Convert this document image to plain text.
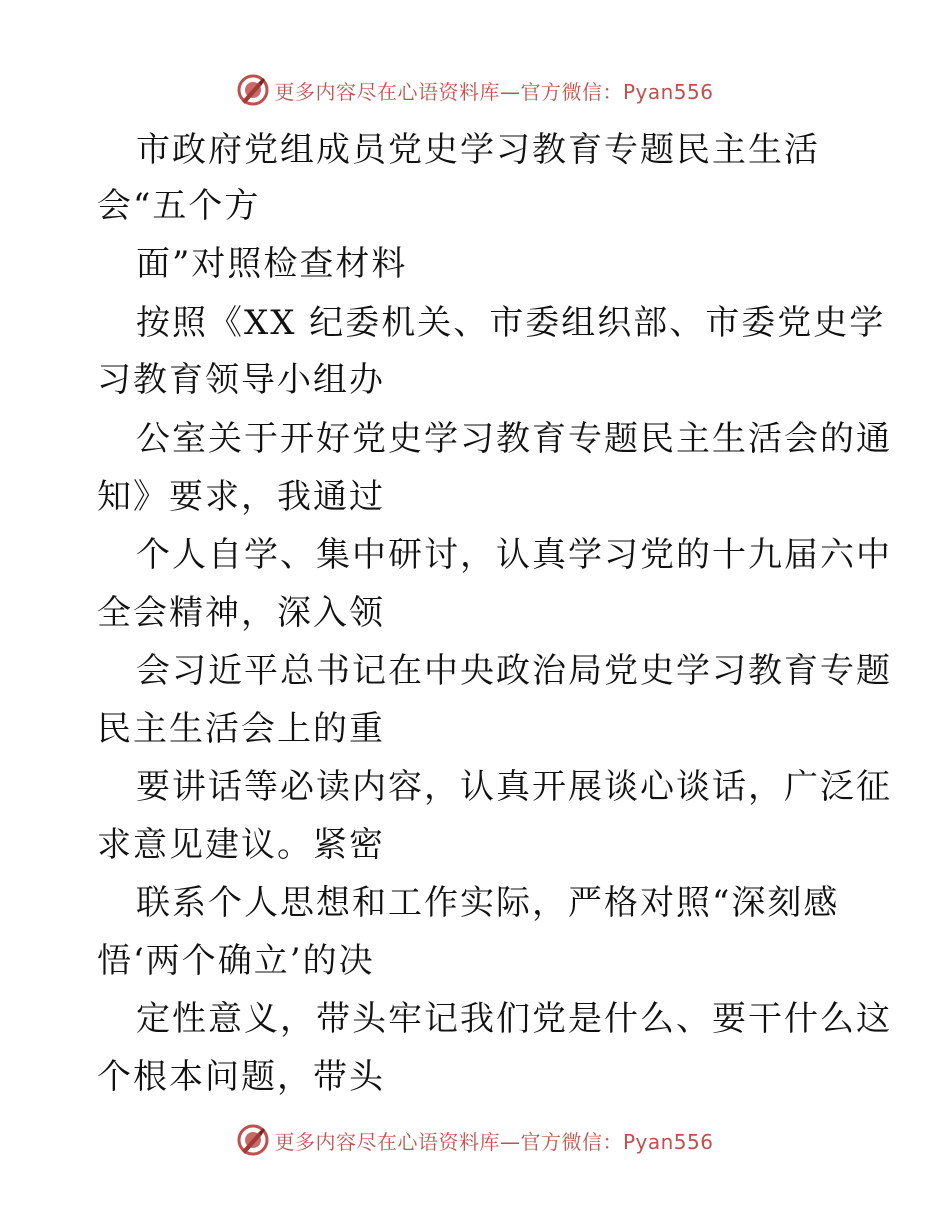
更多内容尽在心语资料库—官方微信：Pyan556
市政府党组成员党史学习教育专题民主生活
会“五个方
面”对照检查材料
按照《XX 纪委机关、市委组织部、市委党史学
习教育领导小组办
公室关于开好党史学习教育专题民主生活会的通
知》要求，我通过
个人自学、集中研讨，认真学习党的十九届六中
全会精神，深入领
会习近平总书记在中央政治局党史学习教育专题
民主生活会上的重
要讲话等必读内容，认真开展谈心谈话，广泛征
求意见建议。紧密
联系个人思想和工作实际，严格对照“深刻感
悟‘两个确立’的决
定性意义，带头牢记我们党是什么、要干什么这
个根本问题，带头
更多内容尽在心语资料库—官方微信：Pyan556
